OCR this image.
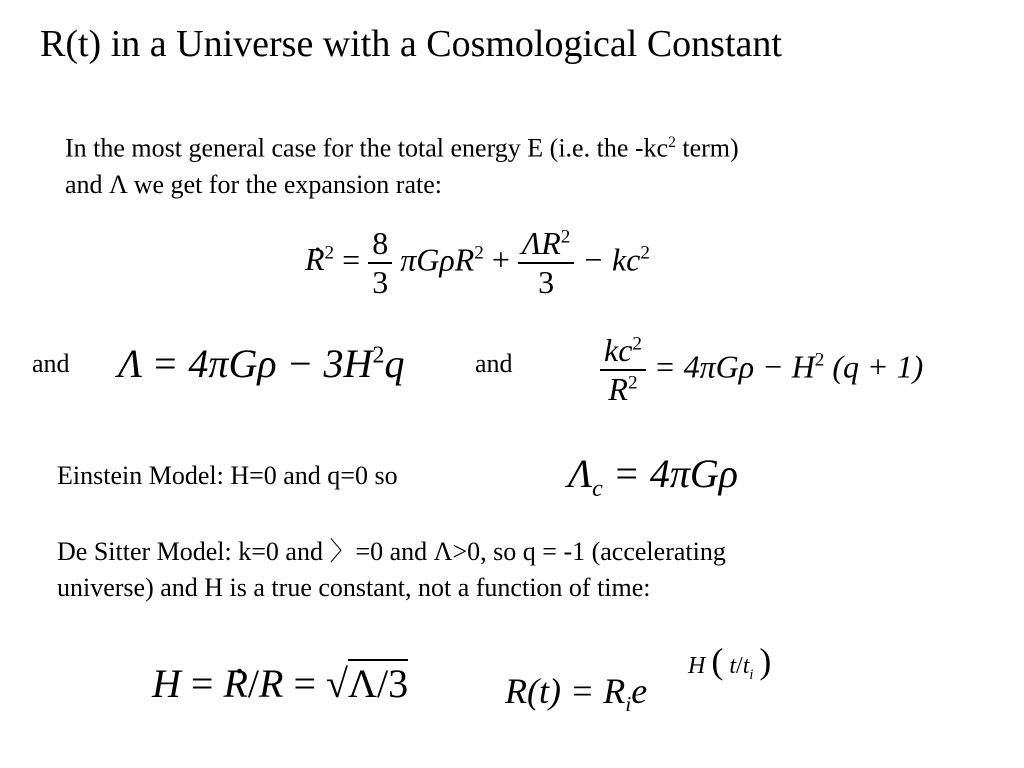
R(t) in a Universe with a Cosmological Constant
In the most general case for the total energy E (i.e. the $-kc^2$ term)
and Λ we get for the expansion rate:
. $R^2 = \frac{8}{3} \pi G\rho R^2 + \frac{\Lambda R^2}{3} - kc^2$
and $\Lambda = 4\pi G\rho - 3H^2q$	and	$\frac{kc^2}{R^2} = 4\pi G\rho - H^2$ (q + 1)
Einstein Model: H=0 and q=0 so	$\Lambda_c = 4\pi G\rho$
De Sitter Model: k=0 and 〉=0 and Λ>0, so q = -1 (accelerating
universe) and H is a true constant, not a function of time:
H = . R/R = √Λ/3	$R(t) = R_ie$
H ( $t/t_i$ )
